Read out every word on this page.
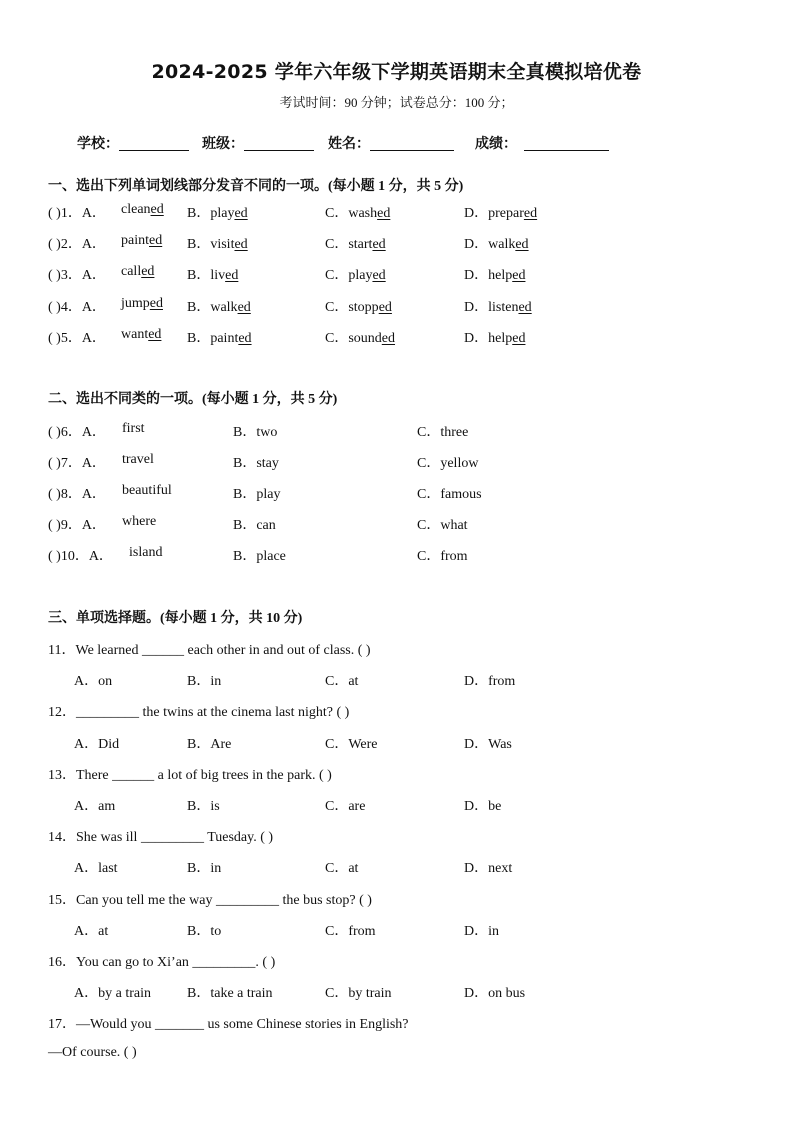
2024-2025 学年六年级下学期英语期末全真模拟培优卷
考试时间：90 分钟；试卷总分：100 分；
学校：	班级：	姓名：	成绩：
一、选出下列单词划线部分发音不同的一项。(每小题 1 分，共 5 分)
( )1．A． cleaned B．played	C．washed	D．prepared
( )2．A． painted B．visited	C．started	D．walked
( )3．A． called B．lived	C．played	D．helped
( )4．A． jumped B．walked	C．stopped	D．listened
( )5．A． wanted B．painted	C．sounded	D．helped
二、选出不同类的一项。(每小题 1 分，共 5 分)
( )6．A． first	B．two	C．three
( )7．A． travel	B．stay	C．yellow
( )8．A． beautiful	B．play	C．famous
( )9．A． where	B．can	C．what
( )10．A． island	B．place	C．from
三、单项选择题。(每小题 1 分，共 10 分)
11．We learned ______ each other in and out of class. ( )
A．on	B．in	C．at	D．from
12．_________ the twins at the cinema last night? ( )
A．Did	B．Are	C．Were	D．Was
13．There ______ a lot of big trees in the park. ( )
A．am	B．is	C．are	D．be
14．She was ill _________ Tuesday. ( )
A．last	B．in	C．at	D．next
15．Can you tell me the way _________ the bus stop? ( )
A．at	B．to	C．from	D．in
16．You can go to Xi’an _________. ( )
A．by a train	B．take a train	C．by train	D．on bus
17．—Would you _______ us some Chinese stories in English?
—Of course. ( )
